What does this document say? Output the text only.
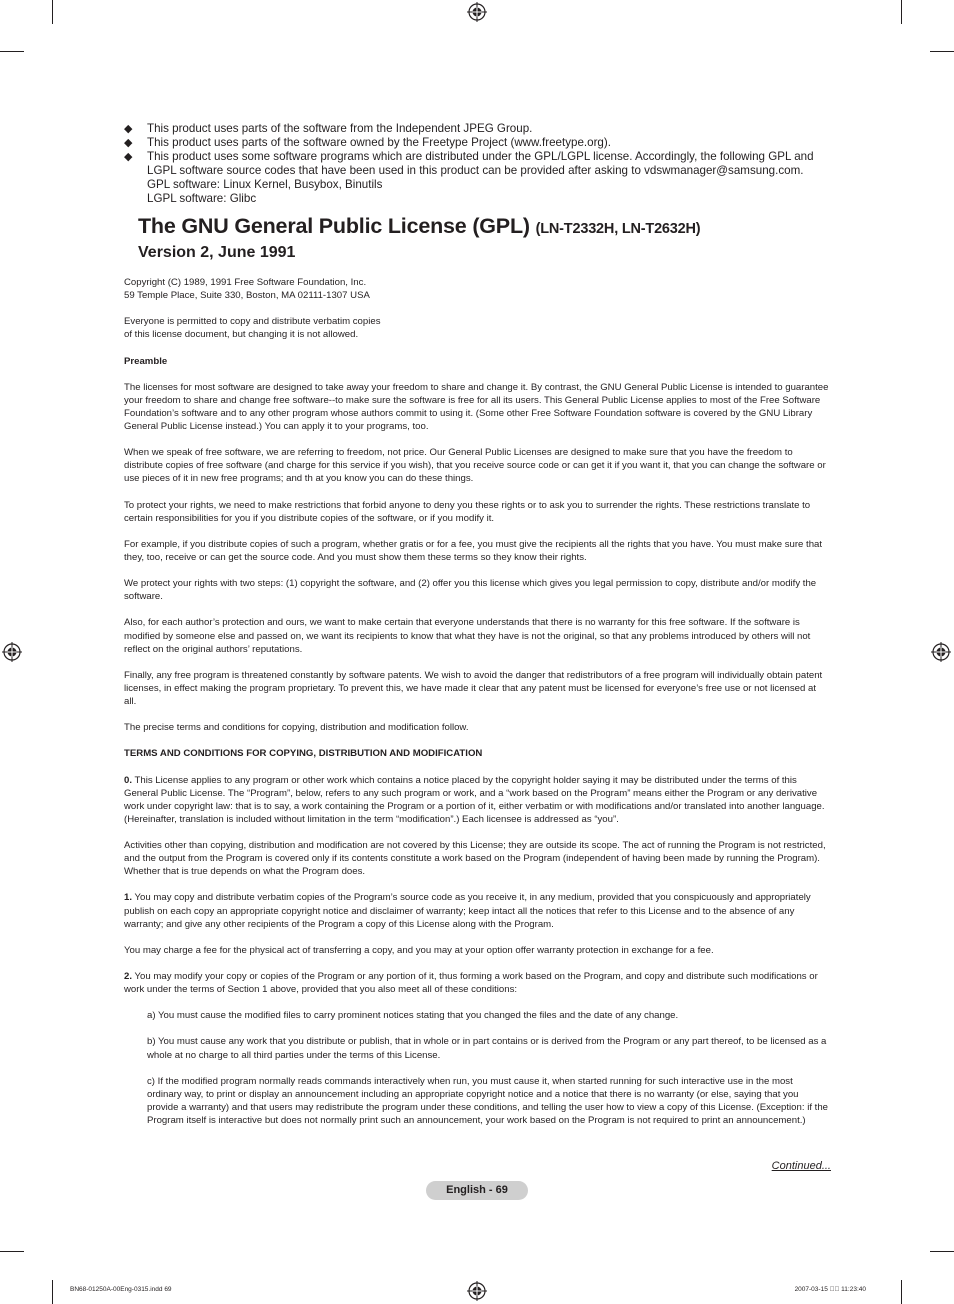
◆ This product uses parts of the software from the Independent JPEG Group.
◆ This product uses parts of the software owned by the Freetype Project (www.freetype.org).
◆ This product uses some software programs which are distributed under the GPL/LGPL license. Accordingly, the following GPL and LGPL software source codes that have been used in this product can be provided after asking to vdswmanager@samsung.com.
GPL software: Linux Kernel, Busybox, Binutils
LGPL software: Glibc
The GNU General Public License (GPL) (LN-T2332H, LN-T2632H)
Version 2, June 1991

Copyright (C) 1989, 1991 Free Software Foundation, Inc.
59 Temple Place, Suite 330, Boston, MA 02111-1307 USA

Everyone is permitted to copy and distribute verbatim copies
of this license document, but changing it is not allowed.

Preamble

The licenses for most software are designed to take away your freedom to share and change it. By contrast, the GNU General Public License is intended to guarantee your freedom to share and change free software--to make sure the software is free for all its users. This General Public License applies to most of the Free Software Foundation’s software and to any other program whose authors commit to using it. (Some other Free Software Foundation software is covered by the GNU Library General Public License instead.) You can apply it to your programs, too.

When we speak of free software, we are referring to freedom, not price. Our General Public Licenses are designed to make sure that you have the freedom to distribute copies of free software (and charge for this service if you wish), that you receive source code or can get it if you want it, that you can change the software or use pieces of it in new free programs; and th at you know you can do these things.

To protect your rights, we need to make restrictions that forbid anyone to deny you these rights or to ask you to surrender the rights. These restrictions translate to certain responsibilities for you if you distribute copies of the software, or if you modify it.

For example, if you distribute copies of such a program, whether gratis or for a fee, you must give the recipients all the rights that you have. You must make sure that they, too, receive or can get the source code. And you must show them these terms so they know their rights.

We protect your rights with two steps: (1) copyright the software, and (2) offer you this license which gives you legal permission to copy, distribute and/or modify the software.

Also, for each author’s protection and ours, we want to make certain that everyone understands that there is no warranty for this free software. If the software is modified by someone else and passed on, we want its recipients to know that what they have is not the original, so that any problems introduced by others will not reflect on the original authors’ reputations.

Finally, any free program is threatened constantly by software patents. We wish to avoid the danger that redistributors of a free program will individually obtain patent licenses, in effect making the program proprietary. To prevent this, we have made it clear that any patent must be licensed for everyone’s free use or not licensed at all.

The precise terms and conditions for copying, distribution and modification follow.

TERMS AND CONDITIONS FOR COPYING, DISTRIBUTION AND MODIFICATION

0. This License applies to any program or other work which contains a notice placed by the copyright holder saying it may be distributed under the terms of this General Public License. The “Program”, below, refers to any such program or work, and a “work based on the Program” means either the Program or any derivative work under copyright law: that is to say, a work containing the Program or a portion of it, either verbatim or with modifications and/or translated into another language. (Hereinafter, translation is included without limitation in the term “modification”.) Each licensee is addressed as “you”.

Activities other than copying, distribution and modification are not covered by this License; they are outside its scope. The act of running the Program is not restricted, and the output from the Program is covered only if its contents constitute a work based on the Program (independent of having been made by running the Program). Whether that is true depends on what the Program does.

1. You may copy and distribute verbatim copies of the Program’s source code as you receive it, in any medium, provided that you conspicuously and appropriately publish on each copy an appropriate copyright notice and disclaimer of warranty; keep intact all the notices that refer to this License and to the absence of any warranty; and give any other recipients of the Program a copy of this License along with the Program.

You may charge a fee for the physical act of transferring a copy, and you may at your option offer warranty protection in exchange for a fee.

2. You may modify your copy or copies of the Program or any portion of it, thus forming a work based on the Program, and copy and distribute such modifications or work under the terms of Section 1 above, provided that you also meet all of these conditions:

a) You must cause the modified files to carry prominent notices stating that you changed the files and the date of any change.

b) You must cause any work that you distribute or publish, that in whole or in part contains or is derived from the Program or any part thereof, to be licensed as a whole at no charge to all third parties under the terms of this License.

c) If the modified program normally reads commands interactively when run, you must cause it, when started running for such interactive use in the most ordinary way, to print or display an announcement including an appropriate copyright notice and a notice that there is no warranty (or else, saying that you provide a warranty) and that users may redistribute the program under these conditions, and telling the user how to view a copy of this License. (Exception: if the Program itself is interactive but does not normally print such an announcement, your work based on the Program is not required to print an announcement.)

Continued...
English - 69
BN68-01250A-00Eng-0315.indd 69	2007-03-15 ￿￿ 11:23:40
